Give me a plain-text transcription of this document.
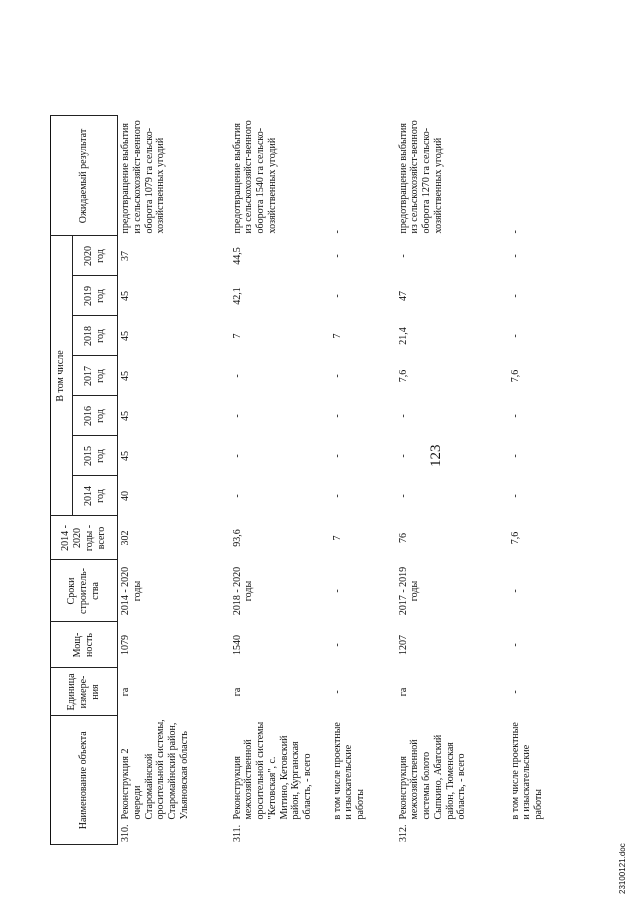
123
Наименование объекта		Единица измере-ния	Мощ-ность	Сроки строитель-ства	2014 - 2020 годы - всего	В том числе							Ожидаемый результат
						2014 год	2015 год	2016 год	2017 год	2018 год	2019 год	2020 год	
310.	Реконструкция 2 очереди Старомайнской оросительной системы, Старомайнский район, Ульяновская область	га	1079	2014 - 2020 годы	302	40	45	45	45	45	45	37	предотвращение выбытия из сельскохозяйст-венного оборота 1079 га сельско-хозяйственных угодий
311.	Реконструкция межхозяйственной оросительной системы "Кетовская", с. Митино, Кетовский район, Курганская область, - всего	га	1540	2018 - 2020 годы	93,6	-	-	-	-	7	42,1	44,5	предотвращение выбытия из сельскохозяйст-венного оборота 1540 га сельско-хозяйственных угодий
	в том числе проектные и изыскательские работы	-	-	-	7	-	-	-	-	7	-	-	-
312.	Реконструкция межхозяйственной системы болото Сыпкино, Абатский район, Тюменская область, - всего	га	1207	2017 - 2019 годы	76	-	-	-	7,6	21,4	47	-	предотвращение выбытия из сельскохозяйст-венного оборота 1270 га сельско-хозяйственных угодий
	в том числе проектные и изыскательские работы	-	-	-	7,6	-	-	-	7,6	-	-	-	-
23100121.doc
